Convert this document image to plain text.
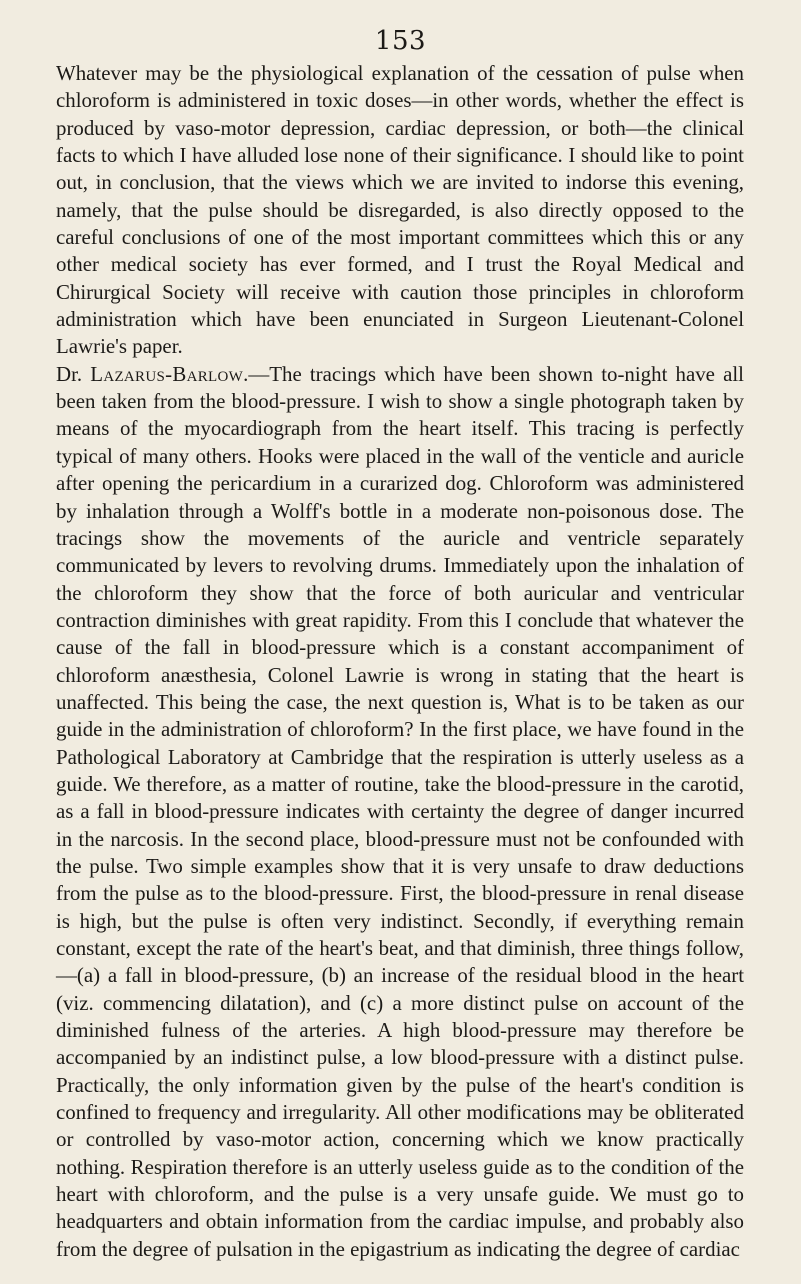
153

Whatever may be the physiological explanation of the cessation of pulse when chloroform is administered in toxic doses—in other words, whether the effect is produced by vaso-motor depression, cardiac depression, or both—the clinical facts to which I have alluded lose none of their significance. I should like to point out, in conclusion, that the views which we are invited to indorse this evening, namely, that the pulse should be disregarded, is also directly opposed to the careful conclusions of one of the most important committees which this or any other medical society has ever formed, and I trust the Royal Medical and Chirurgical Society will receive with caution those principles in chloroform administration which have been enunciated in Surgeon Lieutenant-Colonel Lawrie's paper.

Dr. Lazarus-Barlow.—The tracings which have been shown to-night have all been taken from the blood-pressure. I wish to show a single photograph taken by means of the myocardiograph from the heart itself. This tracing is perfectly typical of many others. Hooks were placed in the wall of the venticle and auricle after opening the pericardium in a curarized dog. Chloroform was administered by inhalation through a Wolff's bottle in a moderate non-poisonous dose. The tracings show the movements of the auricle and ventricle separately communicated by levers to revolving drums. Immediately upon the inhalation of the chloroform they show that the force of both auricular and ventricular contraction diminishes with great rapidity. From this I conclude that whatever the cause of the fall in blood-pressure which is a constant accompaniment of chloroform anæsthesia, Colonel Lawrie is wrong in stating that the heart is unaffected. This being the case, the next question is, What is to be taken as our guide in the administration of chloroform? In the first place, we have found in the Pathological Laboratory at Cambridge that the respiration is utterly useless as a guide. We therefore, as a matter of routine, take the blood-pressure in the carotid, as a fall in blood-pressure indicates with certainty the degree of danger incurred in the narcosis. In the second place, blood-pressure must not be confounded with the pulse. Two simple examples show that it is very unsafe to draw deductions from the pulse as to the blood-pressure. First, the blood-pressure in renal disease is high, but the pulse is often very indistinct. Secondly, if everything remain constant, except the rate of the heart's beat, and that diminish, three things follow,—(a) a fall in blood-pressure, (b) an increase of the residual blood in the heart (viz. commencing dilatation), and (c) a more distinct pulse on account of the diminished fulness of the arteries. A high blood-pressure may therefore be accompanied by an indistinct pulse, a low blood-pressure with a distinct pulse. Practically, the only information given by the pulse of the heart's condition is confined to frequency and irregularity. All other modifications may be obliterated or controlled by vaso-motor action, concerning which we know practically nothing. Respiration therefore is an utterly useless guide as to the condition of the heart with chloroform, and the pulse is a very unsafe guide. We must go to headquarters and obtain information from the cardiac impulse, and probably also from the degree of pulsation in the epigastrium as indicating the degree of cardiac
